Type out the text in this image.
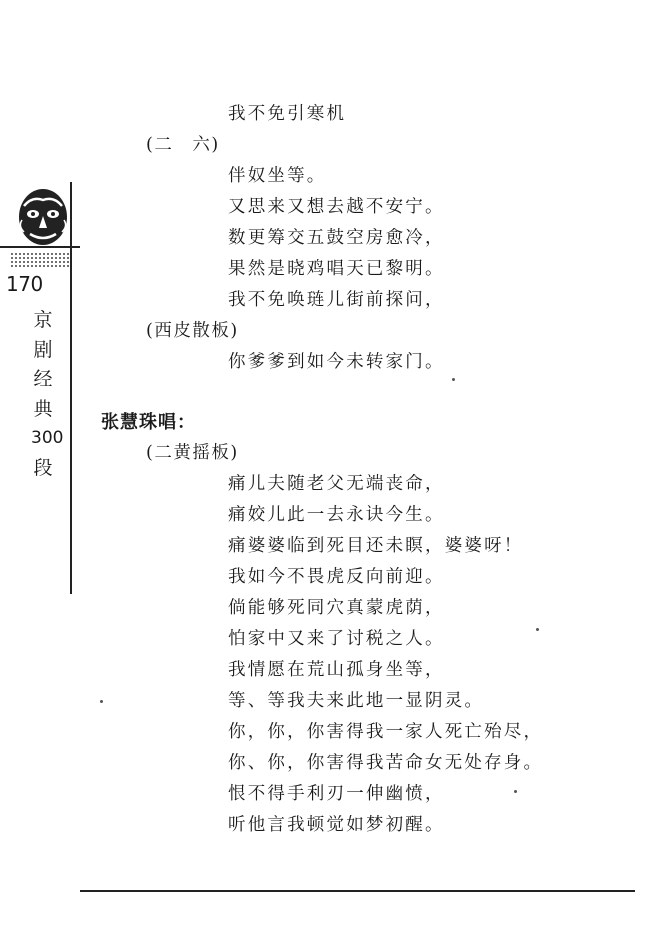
170
京
剧
经
典
300
段
我不免引寒机
(二　六)
伴奴坐等。
又思来又想去越不安宁。
数更筹交五鼓空房愈冷，
果然是晓鸡唱天已黎明。
我不免唤琏儿街前探问，
(西皮散板)
你爹爹到如今未转家门。
张慧珠唱：
(二黄摇板)
痛儿夫随老父无端丧命，
痛姣儿此一去永诀今生。
痛婆婆临到死目还未瞑，婆婆呀！
我如今不畏虎反向前迎。
倘能够死同穴真蒙虎荫，
怕家中又来了讨税之人。
我情愿在荒山孤身坐等，
等、等我夫来此地一显阴灵。
你，你，你害得我一家人死亡殆尽，
你、你，你害得我苦命女无处存身。
恨不得手利刃一伸幽愤，
听他言我顿觉如梦初醒。
